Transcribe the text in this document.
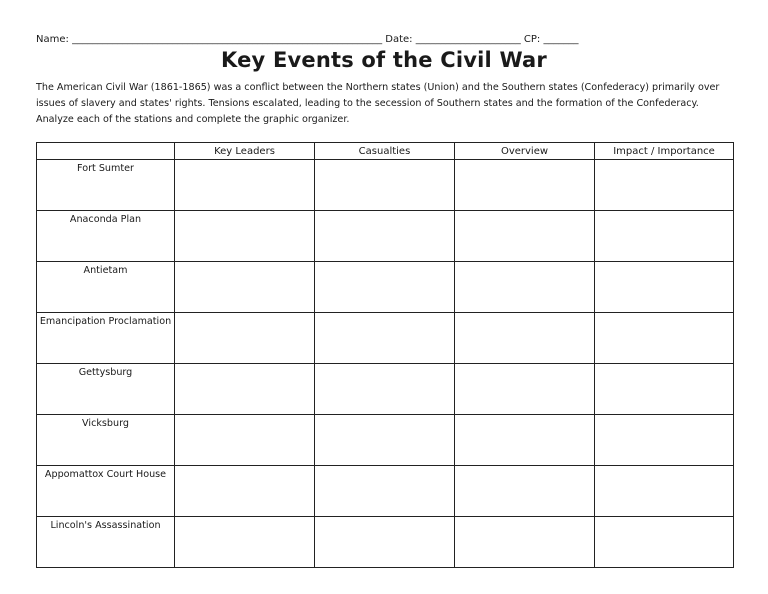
Name: ______________________________________________________________ Date: _____________________ CP: _______
Key Events of the Civil War
The American Civil War (1861-1865) was a conflict between the Northern states (Union) and the Southern states (Confederacy) primarily over issues of slavery and states' rights. Tensions escalated, leading to the secession of Southern states and the formation of the Confederacy. Analyze each of the stations and complete the graphic organizer.
	Key Leaders	Casualties	Overview	Impact / Importance
Fort Sumter				
Anaconda Plan				
Antietam				
Emancipation Proclamation				
Gettysburg				
Vicksburg				
Appomattox Court House				
Lincoln's Assassination				
